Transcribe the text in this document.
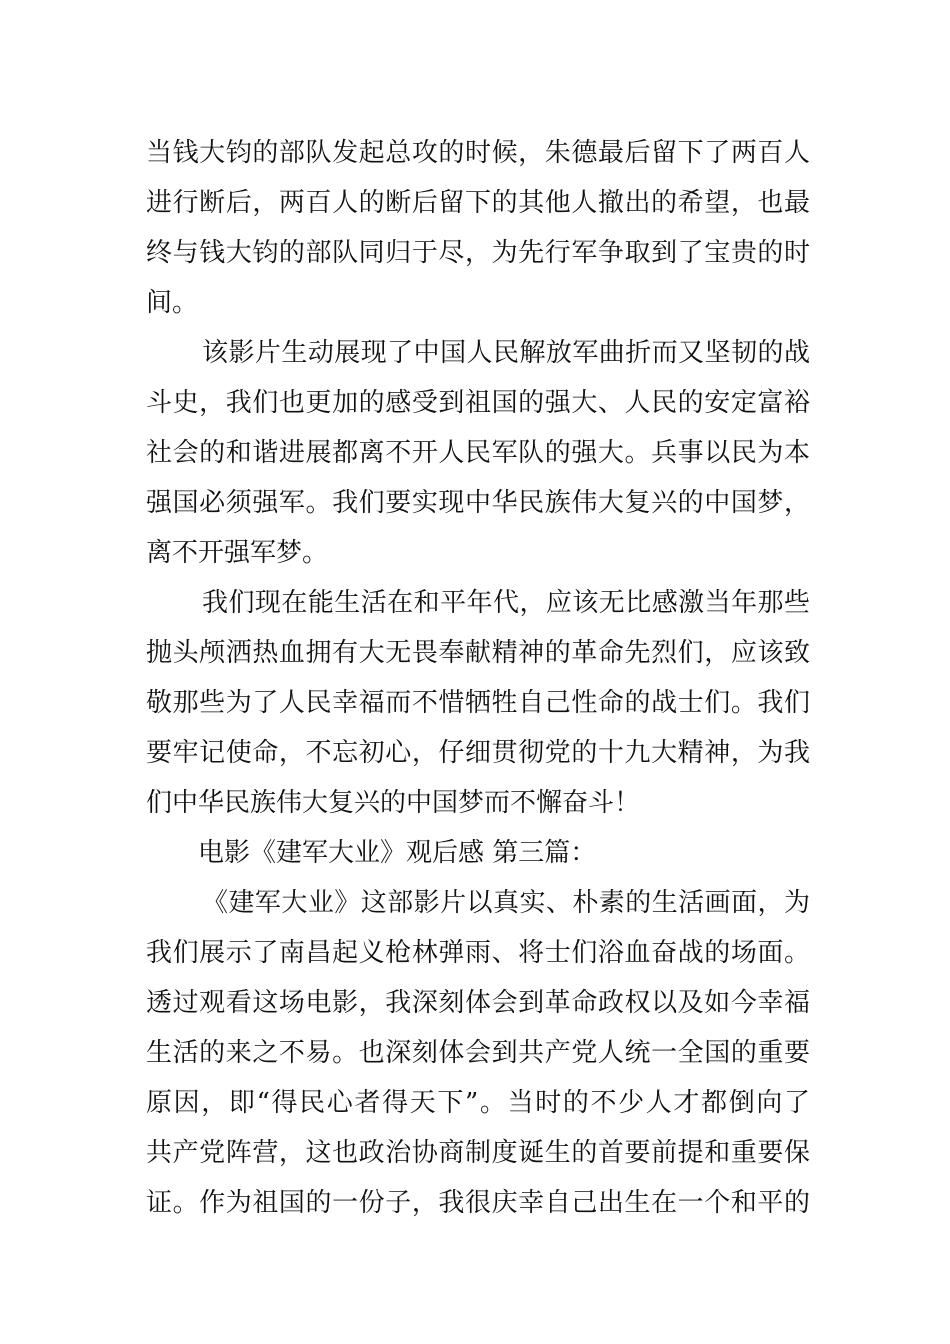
当钱大钧的部队发起总攻的时候，朱德最后留下了两百人
进行断后，两百人的断后留下的其他人撤出的希望，也最
终与钱大钧的部队同归于尽，为先行军争取到了宝贵的时
间。
该影片生动展现了中国人民解放军曲折而又坚韧的战
斗史，我们也更加的感受到祖国的强大、人民的安定富裕
社会的和谐进展都离不开人民军队的强大。兵事以民为本
强国必须强军。我们要实现中华民族伟大复兴的中国梦，
离不开强军梦。
我们现在能生活在和平年代，应该无比感激当年那些
抛头颅洒热血拥有大无畏奉献精神的革命先烈们，应该致
敬那些为了人民幸福而不惜牺牲自己性命的战士们。我们
要牢记使命，不忘初心，仔细贯彻党的十九大精神，为我
们中华民族伟大复兴的中国梦而不懈奋斗！
电影《建军大业》观后感 第三篇：
《建军大业》这部影片以真实、朴素的生活画面，为
我们展示了南昌起义枪林弹雨、将士们浴血奋战的场面。
透过观看这场电影，我深刻体会到革命政权以及如今幸福
生活的来之不易。也深刻体会到共产党人统一全国的重要
原因，即“得民心者得天下”。当时的不少人才都倒向了
共产党阵营，这也政治协商制度诞生的首要前提和重要保
证。作为祖国的一份子，我很庆幸自己出生在一个和平的
